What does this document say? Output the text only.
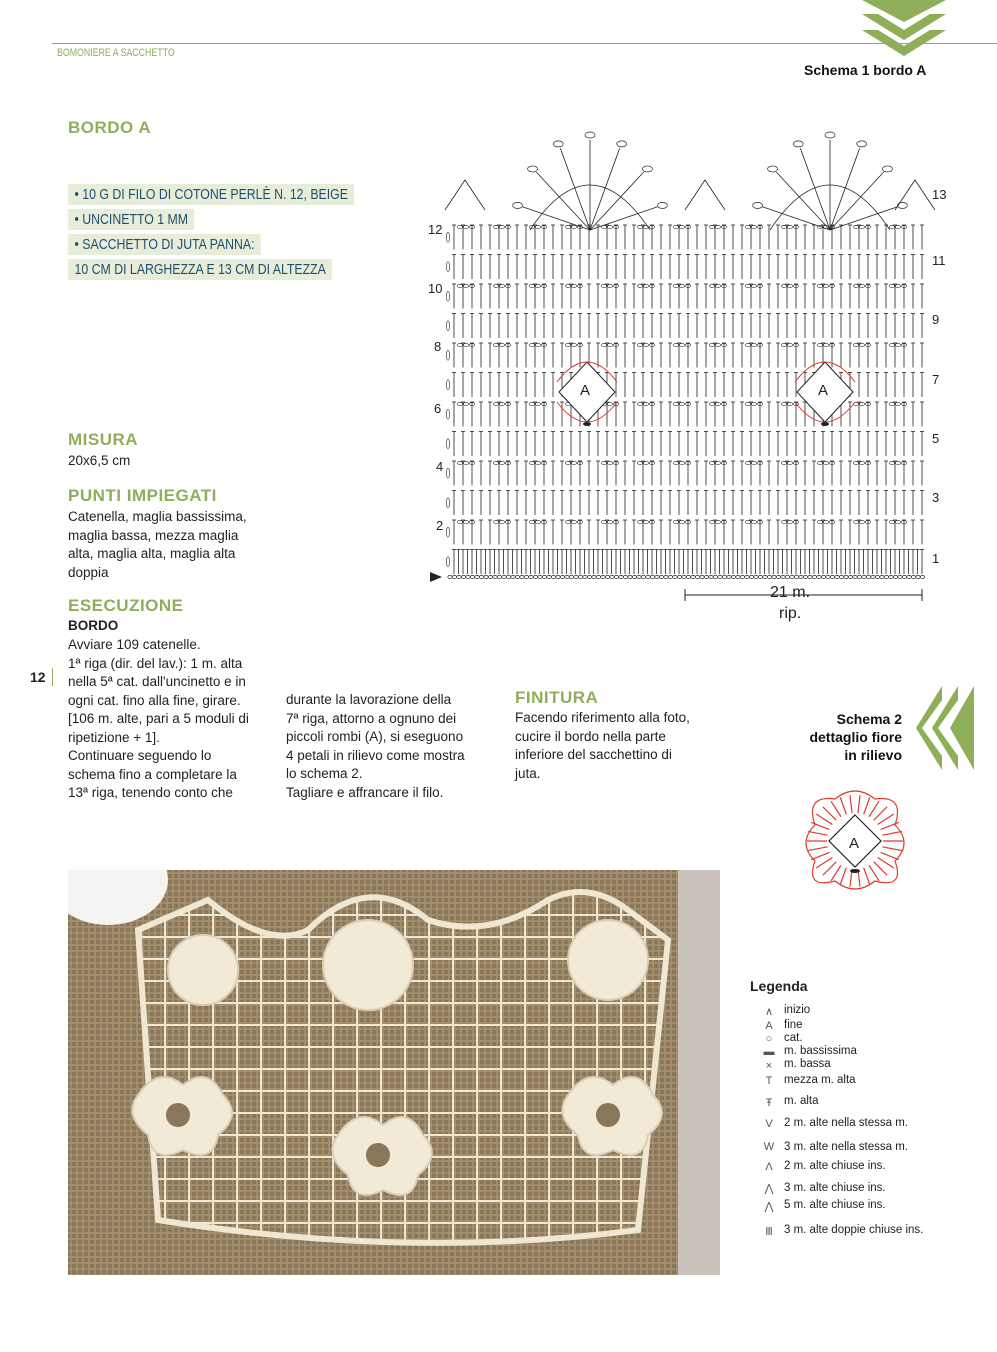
BOMONIERE A SACCHETTO
Schema 1 bordo A
BORDO A
• 10 G DI FILO DI COTONE PERLÈ N. 12, BEIGE
• UNCINETTO 1 MM
• SACCHETTO DI JUTA PANNA:
10 CM DI LARGHEZZA E 13 CM DI ALTEZZA
MISURA
20x6,5 cm
PUNTI IMPIEGATI
Catenella, maglia bassissima,
maglia bassa, mezza maglia
alta, maglia alta, maglia alta
doppia
ESECUZIONE
BORDO
Avviare 109 catenelle.
1ª riga (dir. del lav.): 1 m. alta
nella 5ª cat. dall'uncinetto e in
ogni cat. fino alla fine, girare.
[106 m. alte, pari a 5 moduli di
ripetizione + 1].
Continuare seguendo lo
schema fino a completare la
13ª riga, tenendo conto che
durante la lavorazione della
7ª riga, attorno a ognuno dei
piccoli rombi (A), si eseguono
4 petali in rilievo come mostra
lo schema 2.
Tagliare e affrancare il filo.
12
FINITURA
Facendo riferimento alla foto,
cucire il bordo nella parte
inferiore del sacchettino di
juta.
12
10
8
6
4
2
13
11
9
7
5
3
1
A	A
21 m.
rip.
Schema 2
dettaglio fiore
in rilievo
A
Legenda
∧ inizio
A fine
○	cat.
▬ m. bassissima
×	m. bassa
T	mezza m. alta
Ŧ	m. alta
V 2 m. alte nella stessa m.
W 3 m. alte nella stessa m.
Λ 2 m. alte chiuse ins.
⋀ 3 m. alte chiuse ins.
⋀ 5 m. alte chiuse ins.
Ⅲ 3 m. alte doppie chiuse ins.
